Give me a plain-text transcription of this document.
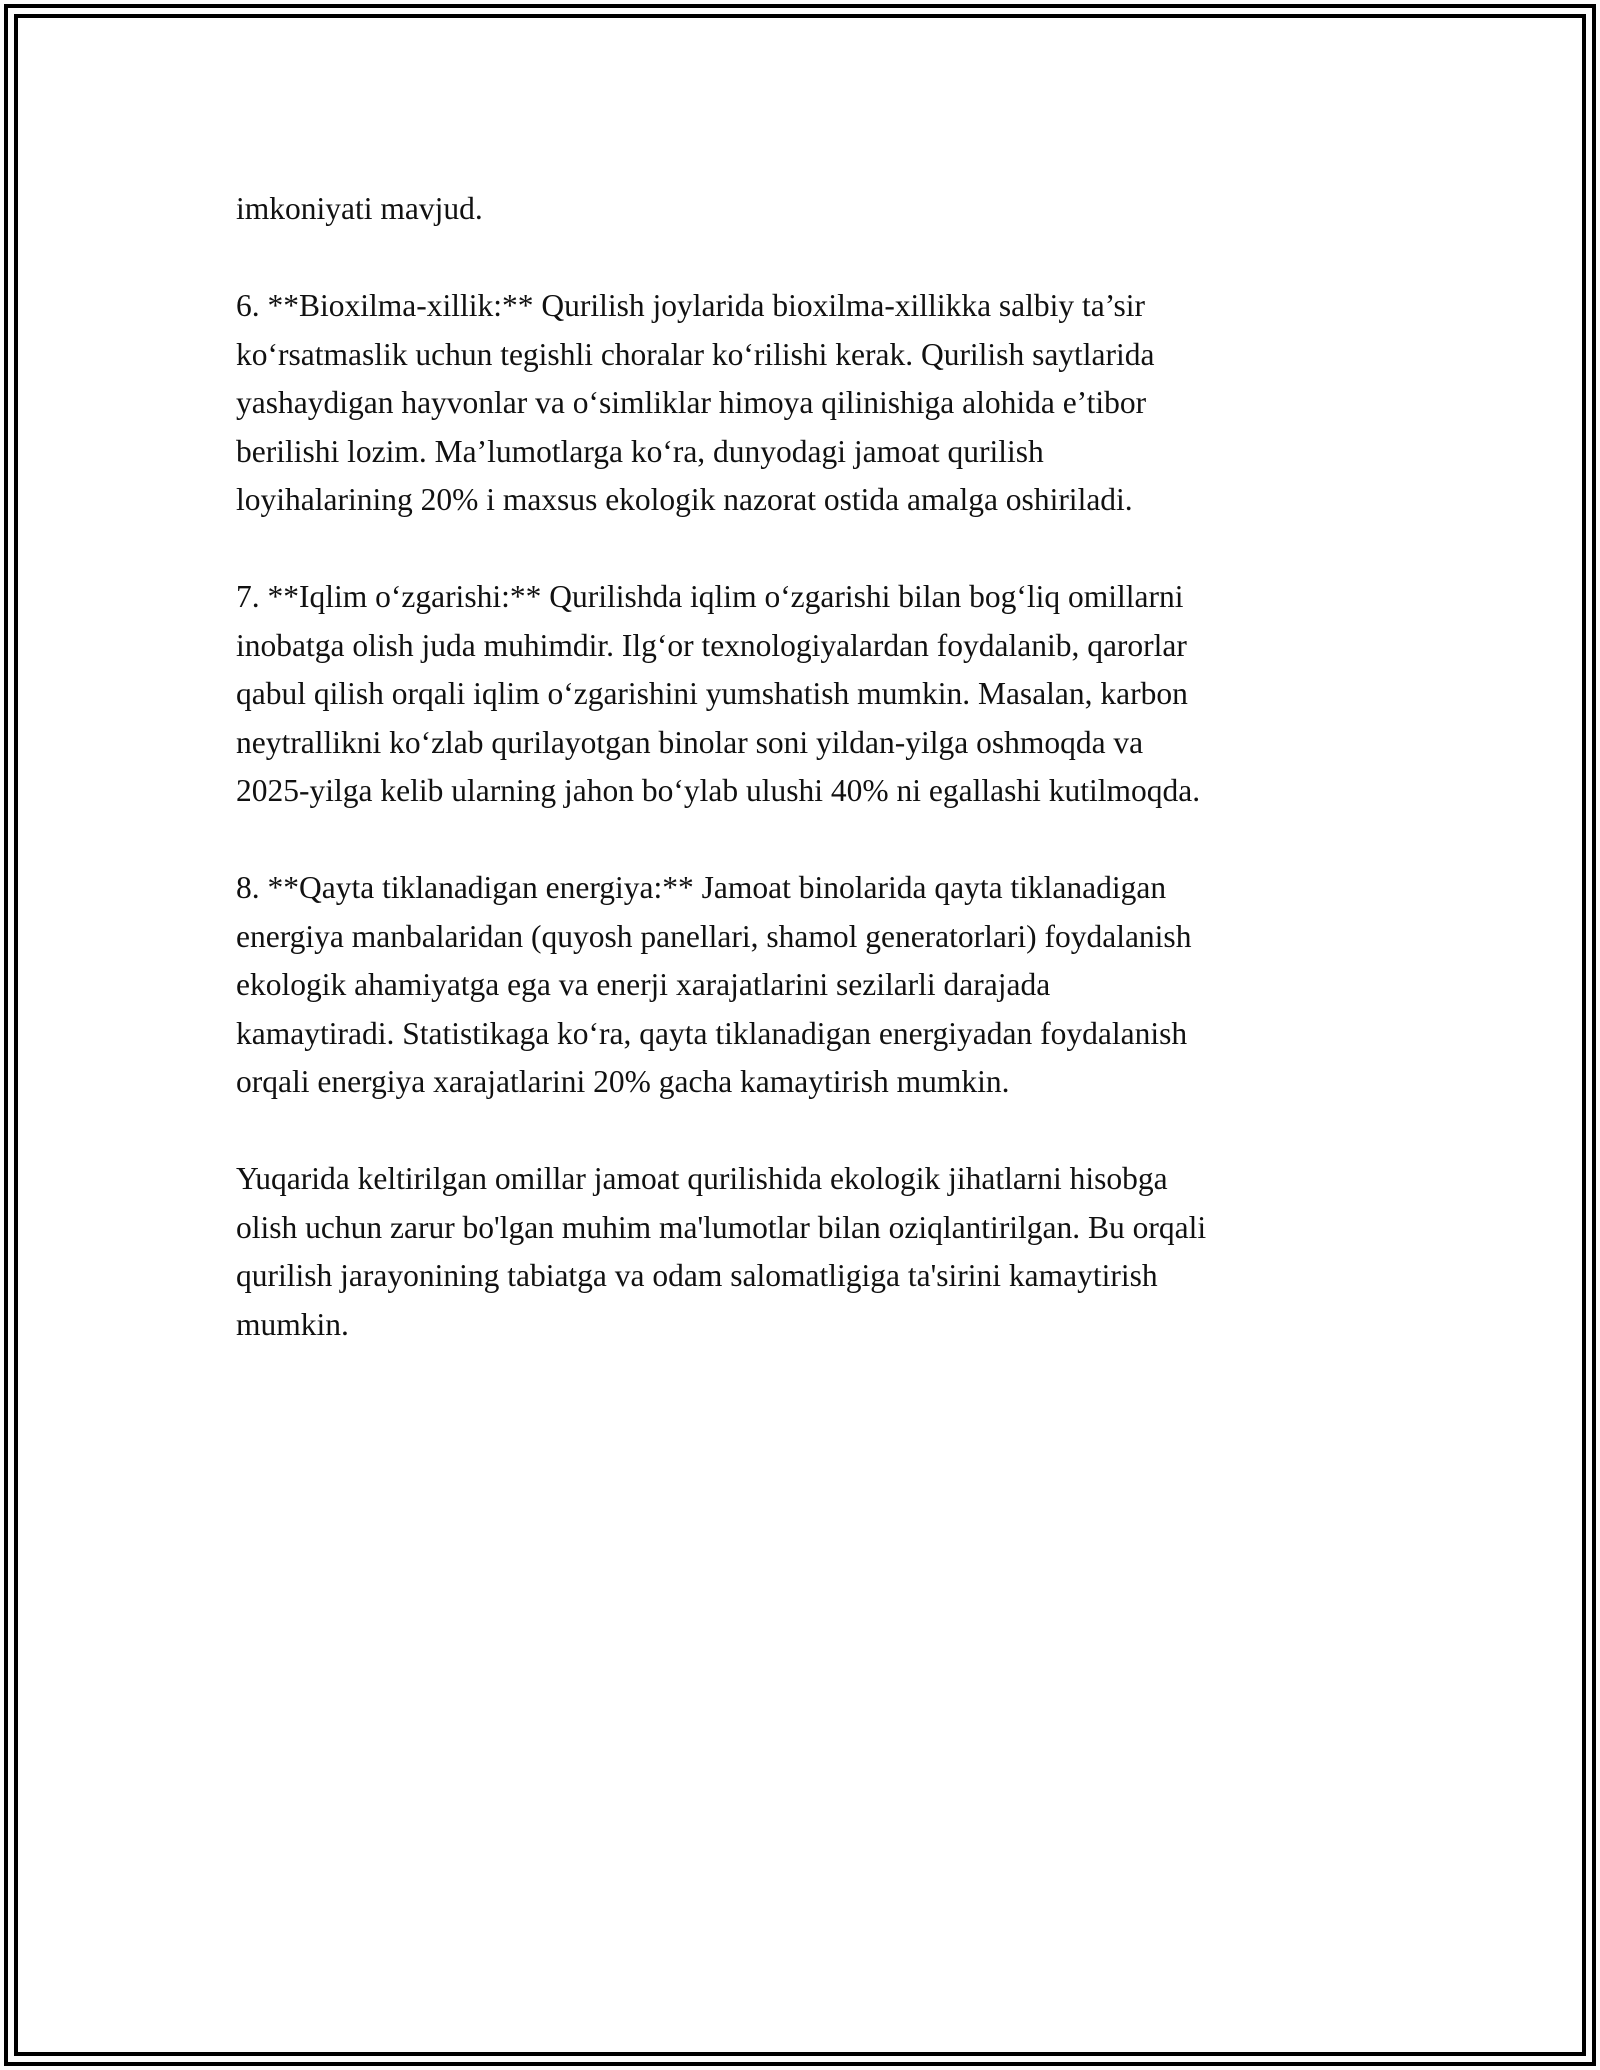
imkoniyati mavjud.

6. **Bioxilma-xillik:** Qurilish joylarida bioxilma-xillikka salbiy ta’sir
ko‘rsatmaslik uchun tegishli choralar ko‘rilishi kerak. Qurilish saytlarida
yashaydigan hayvonlar va o‘simliklar himoya qilinishiga alohida e’tibor
berilishi lozim. Ma’lumotlarga ko‘ra, dunyodagi jamoat qurilish
loyihalarining 20% i maxsus ekologik nazorat ostida amalga oshiriladi.

7. **Iqlim o‘zgarishi:** Qurilishda iqlim o‘zgarishi bilan bog‘liq omillarni
inobatga olish juda muhimdir. Ilg‘or texnologiyalardan foydalanib, qarorlar
qabul qilish orqali iqlim o‘zgarishini yumshatish mumkin. Masalan, karbon
neytrallikni ko‘zlab qurilayotgan binolar soni yildan-yilga oshmoqda va
2025-yilga kelib ularning jahon bo‘ylab ulushi 40% ni egallashi kutilmoqda.

8. **Qayta tiklanadigan energiya:** Jamoat binolarida qayta tiklanadigan
energiya manbalaridan (quyosh panellari, shamol generatorlari) foydalanish
ekologik ahamiyatga ega va enerji xarajatlarini sezilarli darajada
kamaytiradi. Statistikaga ko‘ra, qayta tiklanadigan energiyadan foydalanish
orqali energiya xarajatlarini 20% gacha kamaytirish mumkin.

Yuqarida keltirilgan omillar jamoat qurilishida ekologik jihatlarni hisobga
olish uchun zarur bo'lgan muhim ma'lumotlar bilan oziqlantirilgan. Bu orqali
qurilish jarayonining tabiatga va odam salomatligiga ta'sirini kamaytirish
mumkin.
